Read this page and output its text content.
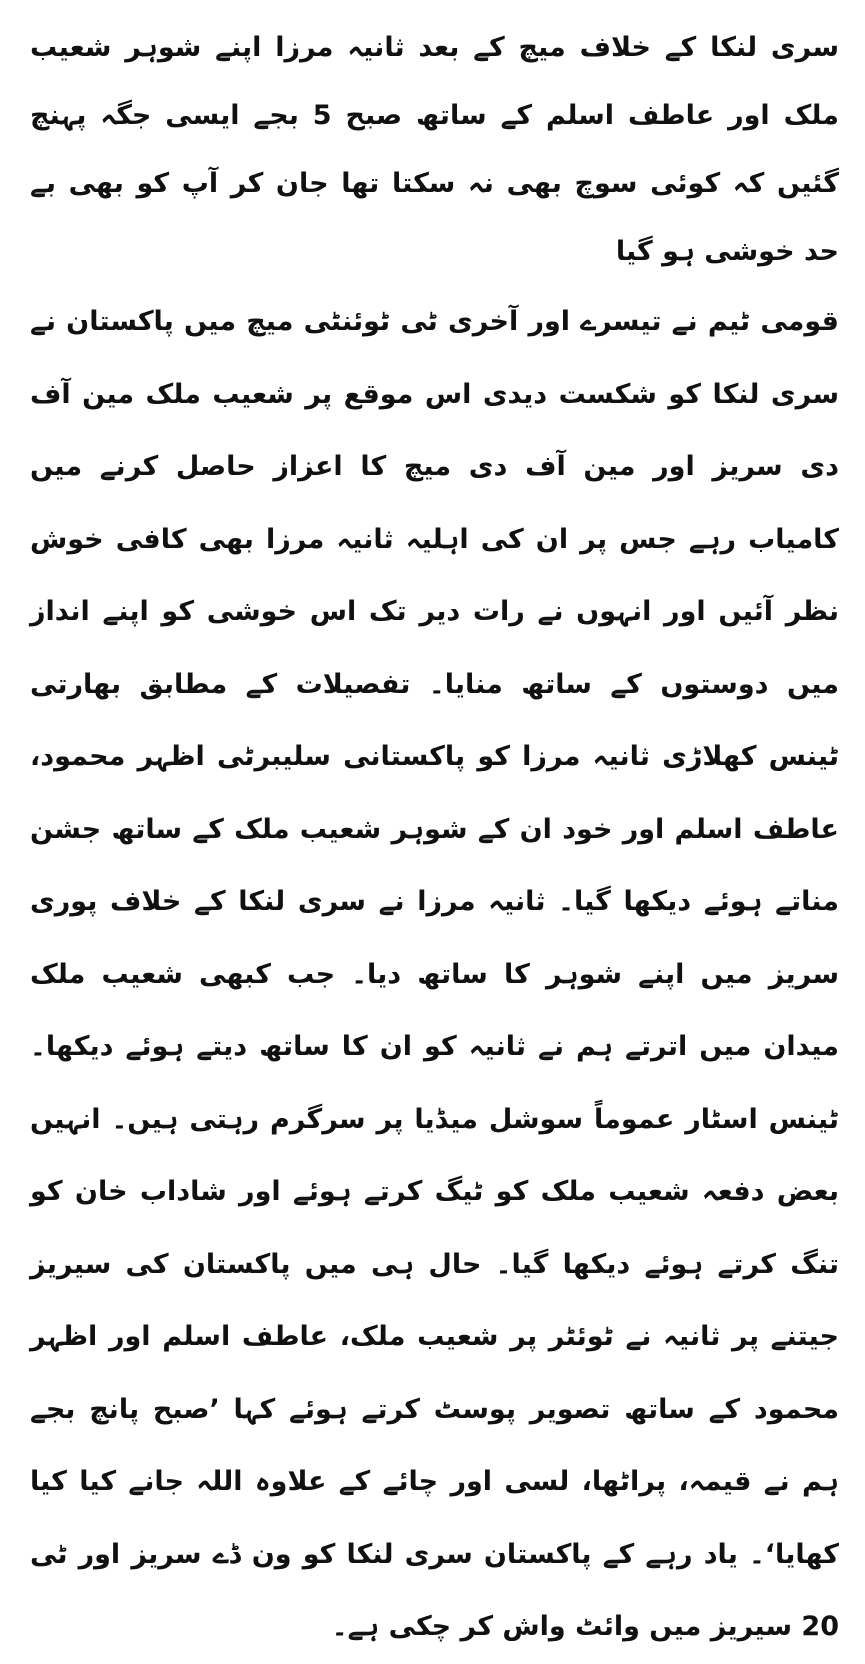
سری لنکا کے خلاف میچ کے بعد ثانیہ مرزا اپنے شوہر شعیب ملک اور عاطف اسلم کے ساتھ صبح 5 بجے ایسی جگہ پہنچ گئیں کہ کوئی سوچ بھی نہ سکتا تھا جان کر آپ کو بھی بے حد خوشی ہو گیا

قومی ٹیم نے تیسرے اور آخری ٹی ٹوئنٹی میچ میں پاکستان نے سری لنکا کو شکست دیدی اس موقع پر شعیب ملک مین آف دی سریز اور مین آف دی میچ کا اعزاز حاصل کرنے میں کامیاب رہے جس پر ان کی اہلیہ ثانیہ مرزا بھی کافی خوش نظر آئیں اور انہوں نے رات دیر تک اس خوشی کو اپنے انداز میں دوستوں کے ساتھ منایا۔ تفصیلات کے مطابق بھارتی ٹینس کھلاڑی ثانیہ مرزا کو پاکستانی سلیبرٹی اظہر محمود، عاطف اسلم اور خود ان کے شوہر شعیب ملک کے ساتھ جشن مناتے ہوئے دیکھا گیا۔ ثانیہ مرزا نے سری لنکا کے خلاف پوری سریز میں اپنے شوہر کا ساتھ دیا۔ جب کبھی شعیب ملک میدان میں اترتے ہم نے ثانیہ کو ان کا ساتھ دیتے ہوئے دیکھا۔ ٹینس اسٹار عموماً سوشل میڈیا پر سرگرم رہتی ہیں۔ انہیں بعض دفعہ شعیب ملک کو ٹیگ کرتے ہوئے اور شاداب خان کو تنگ کرتے ہوئے دیکھا گیا۔ حال ہی میں پاکستان کی سیریز جیتنے پر ثانیہ نے ٹوئٹر پر شعیب ملک، عاطف اسلم اور اظہر محمود کے ساتھ تصویر پوسٹ کرتے ہوئے کہا ’صبح پانچ بجے ہم نے قیمہ، پراٹھا، لسی اور چائے کے علاوہ اللہ جانے کیا کیا کھایا‘۔ یاد رہے کے پاکستان سری لنکا کو ون ڈے سریز اور ٹی 20 سیریز میں وائٹ واش کر چکی ہے۔
